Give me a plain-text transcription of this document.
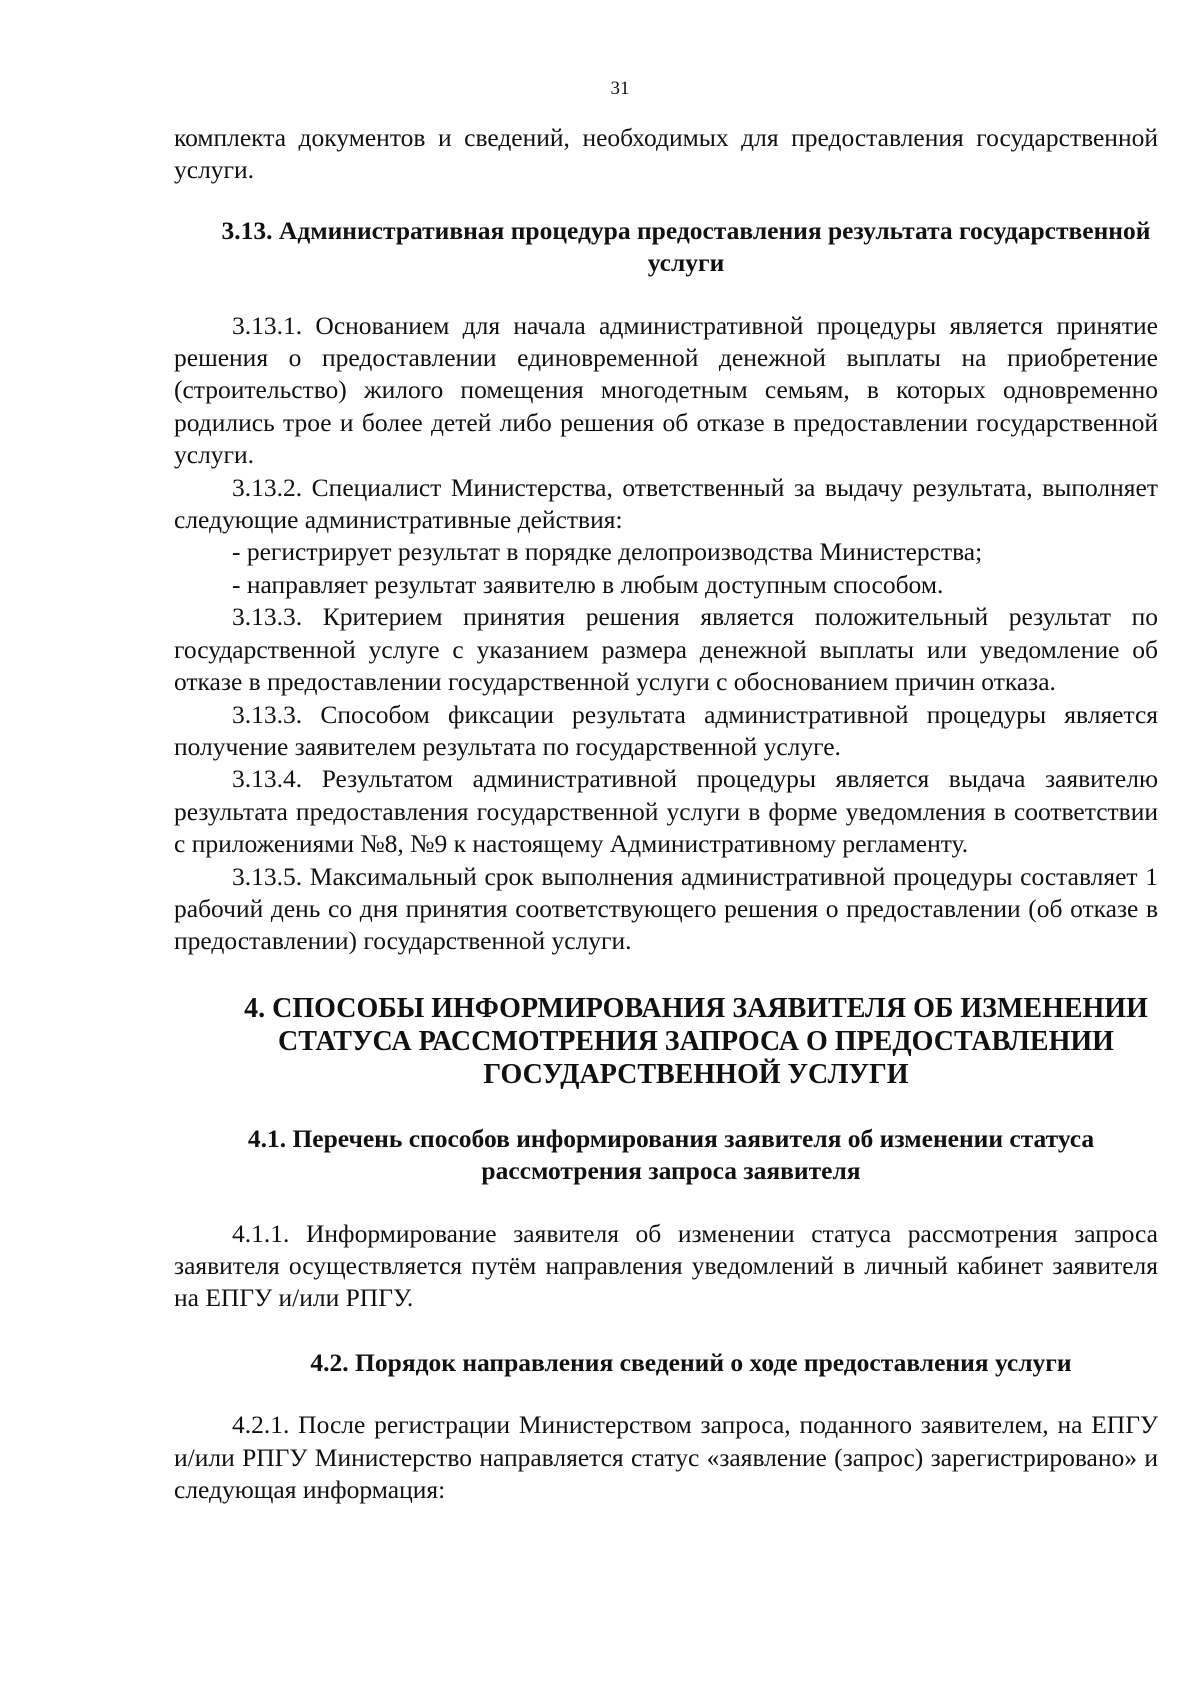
31

комплекта документов и сведений, необходимых для предоставления государственной услуги.

3.13. Административная процедура предоставления результата государственной услуги

3.13.1. Основанием для начала административной процедуры является принятие решения о предоставлении единовременной денежной выплаты на приобретение (строительство) жилого помещения многодетным семьям, в которых одновременно родились трое и более детей либо решения об отказе в предоставлении государственной услуги.

3.13.2. Специалист Министерства, ответственный за выдачу результата, выполняет следующие административные действия:

- регистрирует результат в порядке делопроизводства Министерства;

- направляет результат заявителю в любым доступным способом.

3.13.3. Критерием принятия решения является положительный результат по государственной услуге с указанием размера денежной выплаты или уведомление об отказе в предоставлении государственной услуги с обоснованием причин отказа.

3.13.3. Способом фиксации результата административной процедуры является получение заявителем результата по государственной услуге.

3.13.4. Результатом административной процедуры является выдача заявителю результата предоставления государственной услуги в форме уведомления в соответствии с приложениями №8, №9 к настоящему Административному регламенту.

3.13.5. Максимальный срок выполнения административной процедуры составляет 1 рабочий день со дня принятия соответствующего решения о предоставлении (об отказе в предоставлении) государственной услуги.

4. СПОСОБЫ ИНФОРМИРОВАНИЯ ЗАЯВИТЕЛЯ ОБ ИЗМЕНЕНИИ СТАТУСА РАССМОТРЕНИЯ ЗАПРОСА О ПРЕДОСТАВЛЕНИИ ГОСУДАРСТВЕННОЙ УСЛУГИ
4.1. Перечень способов информирования заявителя об изменении статуса рассмотрения запроса заявителя

4.1.1. Информирование заявителя об изменении статуса рассмотрения запроса заявителя осуществляется путём направления уведомлений в личный кабинет заявителя на ЕПГУ и/или РПГУ.

4.2. Порядок направления сведений о ходе предоставления услуги

4.2.1. После регистрации Министерством запроса, поданного заявителем, на ЕПГУ и/или РПГУ Министерство направляется статус «заявление (запрос) зарегистрировано» и следующая информация:
